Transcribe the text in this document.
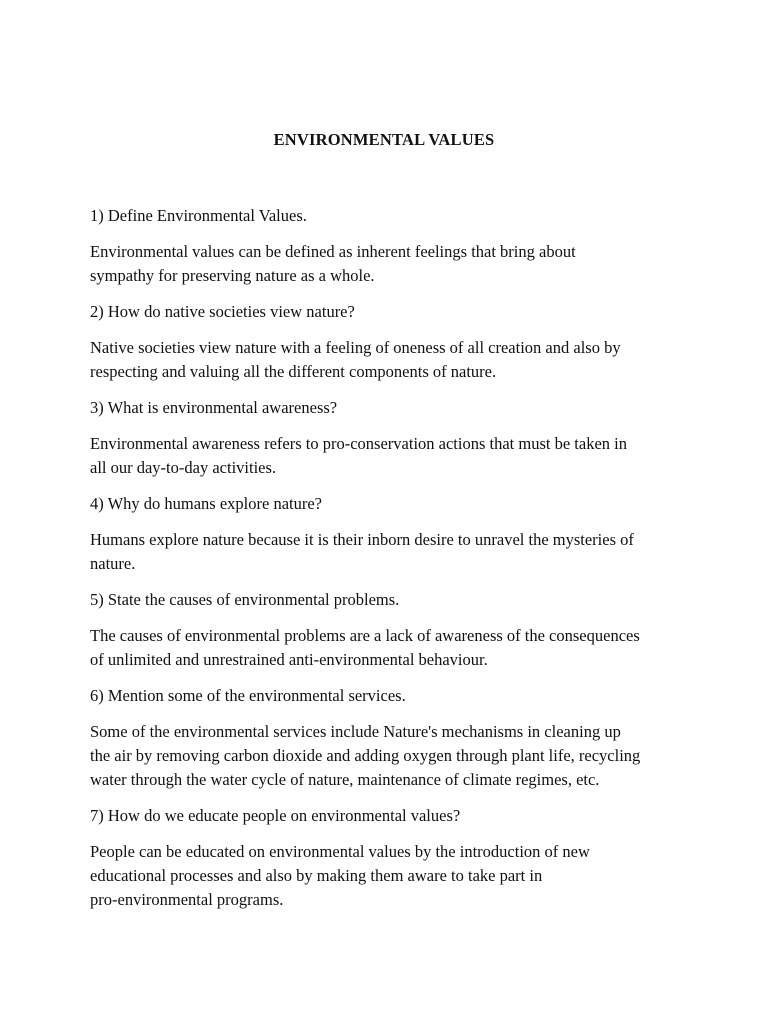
ENVIRONMENTAL VALUES

1) Define Environmental Values.

Environmental values can be defined as inherent feelings that bring about
sympathy for preserving nature as a whole.

2) How do native societies view nature?

Native societies view nature with a feeling of oneness of all creation and also by
respecting and valuing all the different components of nature.

3) What is environmental awareness?

Environmental awareness refers to pro-conservation actions that must be taken in
all our day-to-day activities.

4) Why do humans explore nature?

Humans explore nature because it is their inborn desire to unravel the mysteries of
nature.

5) State the causes of environmental problems.

The causes of environmental problems are a lack of awareness of the consequences
of unlimited and unrestrained anti-environmental behaviour.

6) Mention some of the environmental services.

Some of the environmental services include Nature's mechanisms in cleaning up
the air by removing carbon dioxide and adding oxygen through plant life, recycling
water through the water cycle of nature, maintenance of climate regimes, etc.

7) How do we educate people on environmental values?

People can be educated on environmental values by the introduction of new
educational processes and also by making them aware to take part in
pro-environmental programs.
